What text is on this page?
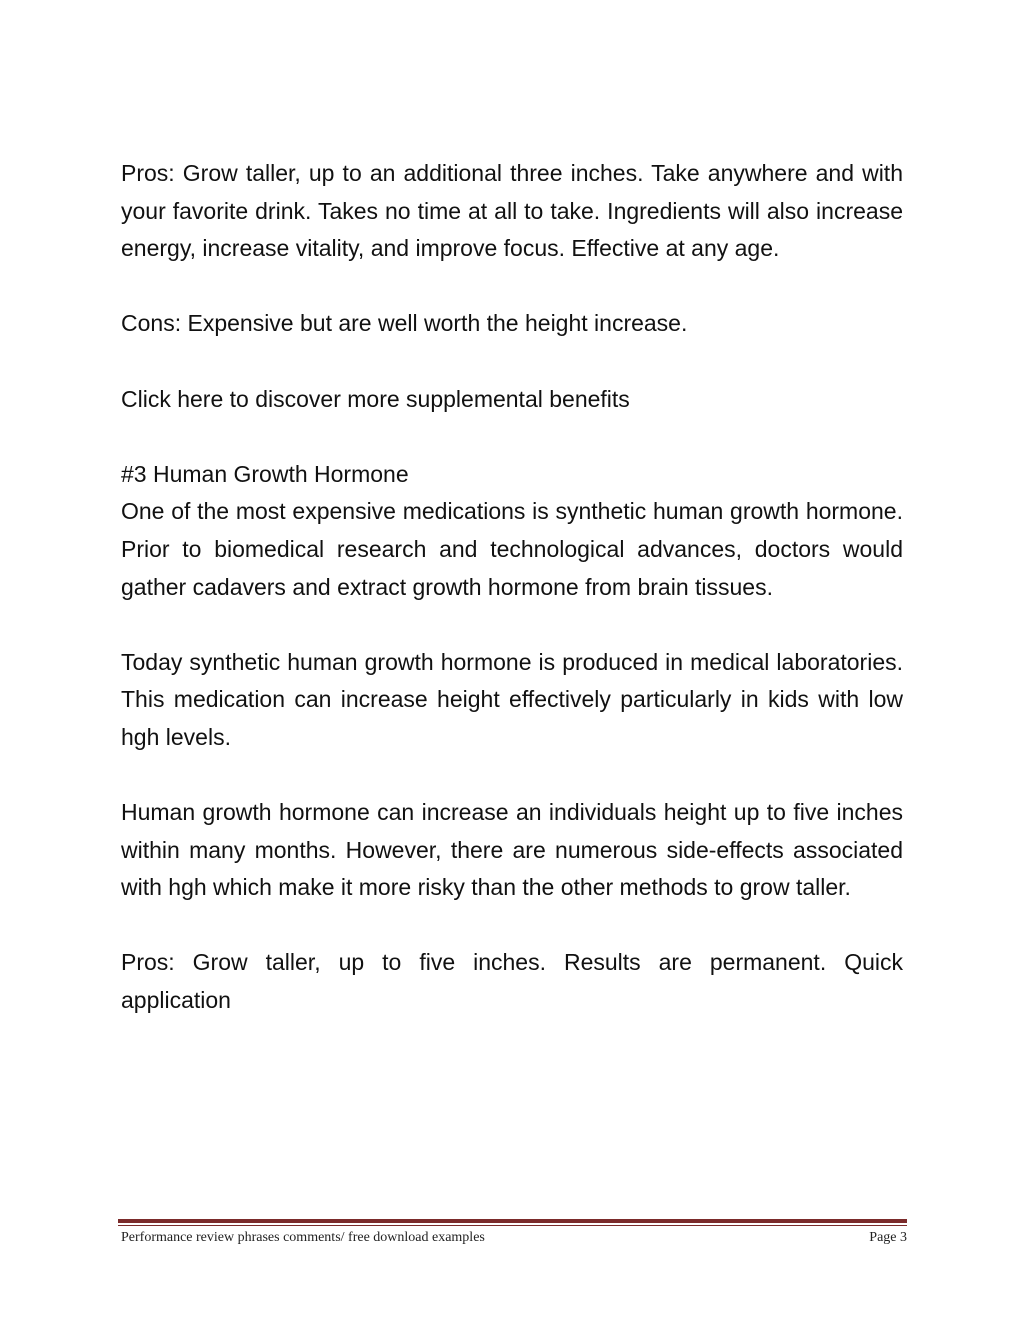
Pros: Grow taller, up to an additional three inches. Take anywhere and with your favorite drink. Takes no time at all to take. Ingredients will also increase energy, increase vitality, and improve focus. Effective at any age.

Cons: Expensive but are well worth the height increase.

Click here to discover more supplemental benefits

#3 Human Growth Hormone

One of the most expensive medications is synthetic human growth hormone. Prior to biomedical research and technological advances, doctors would gather cadavers and extract growth hormone from brain tissues.

Today synthetic human growth hormone is produced in medical laboratories. This medication can increase height effectively particularly in kids with low hgh levels.

Human growth hormone can increase an individuals height up to five inches within many months. However, there are numerous side-effects associated with hgh which make it more risky than the other methods to grow taller.

Pros: Grow taller, up to five inches. Results are permanent. Quick application

Performance review phrases comments/ free download examples	Page 3
